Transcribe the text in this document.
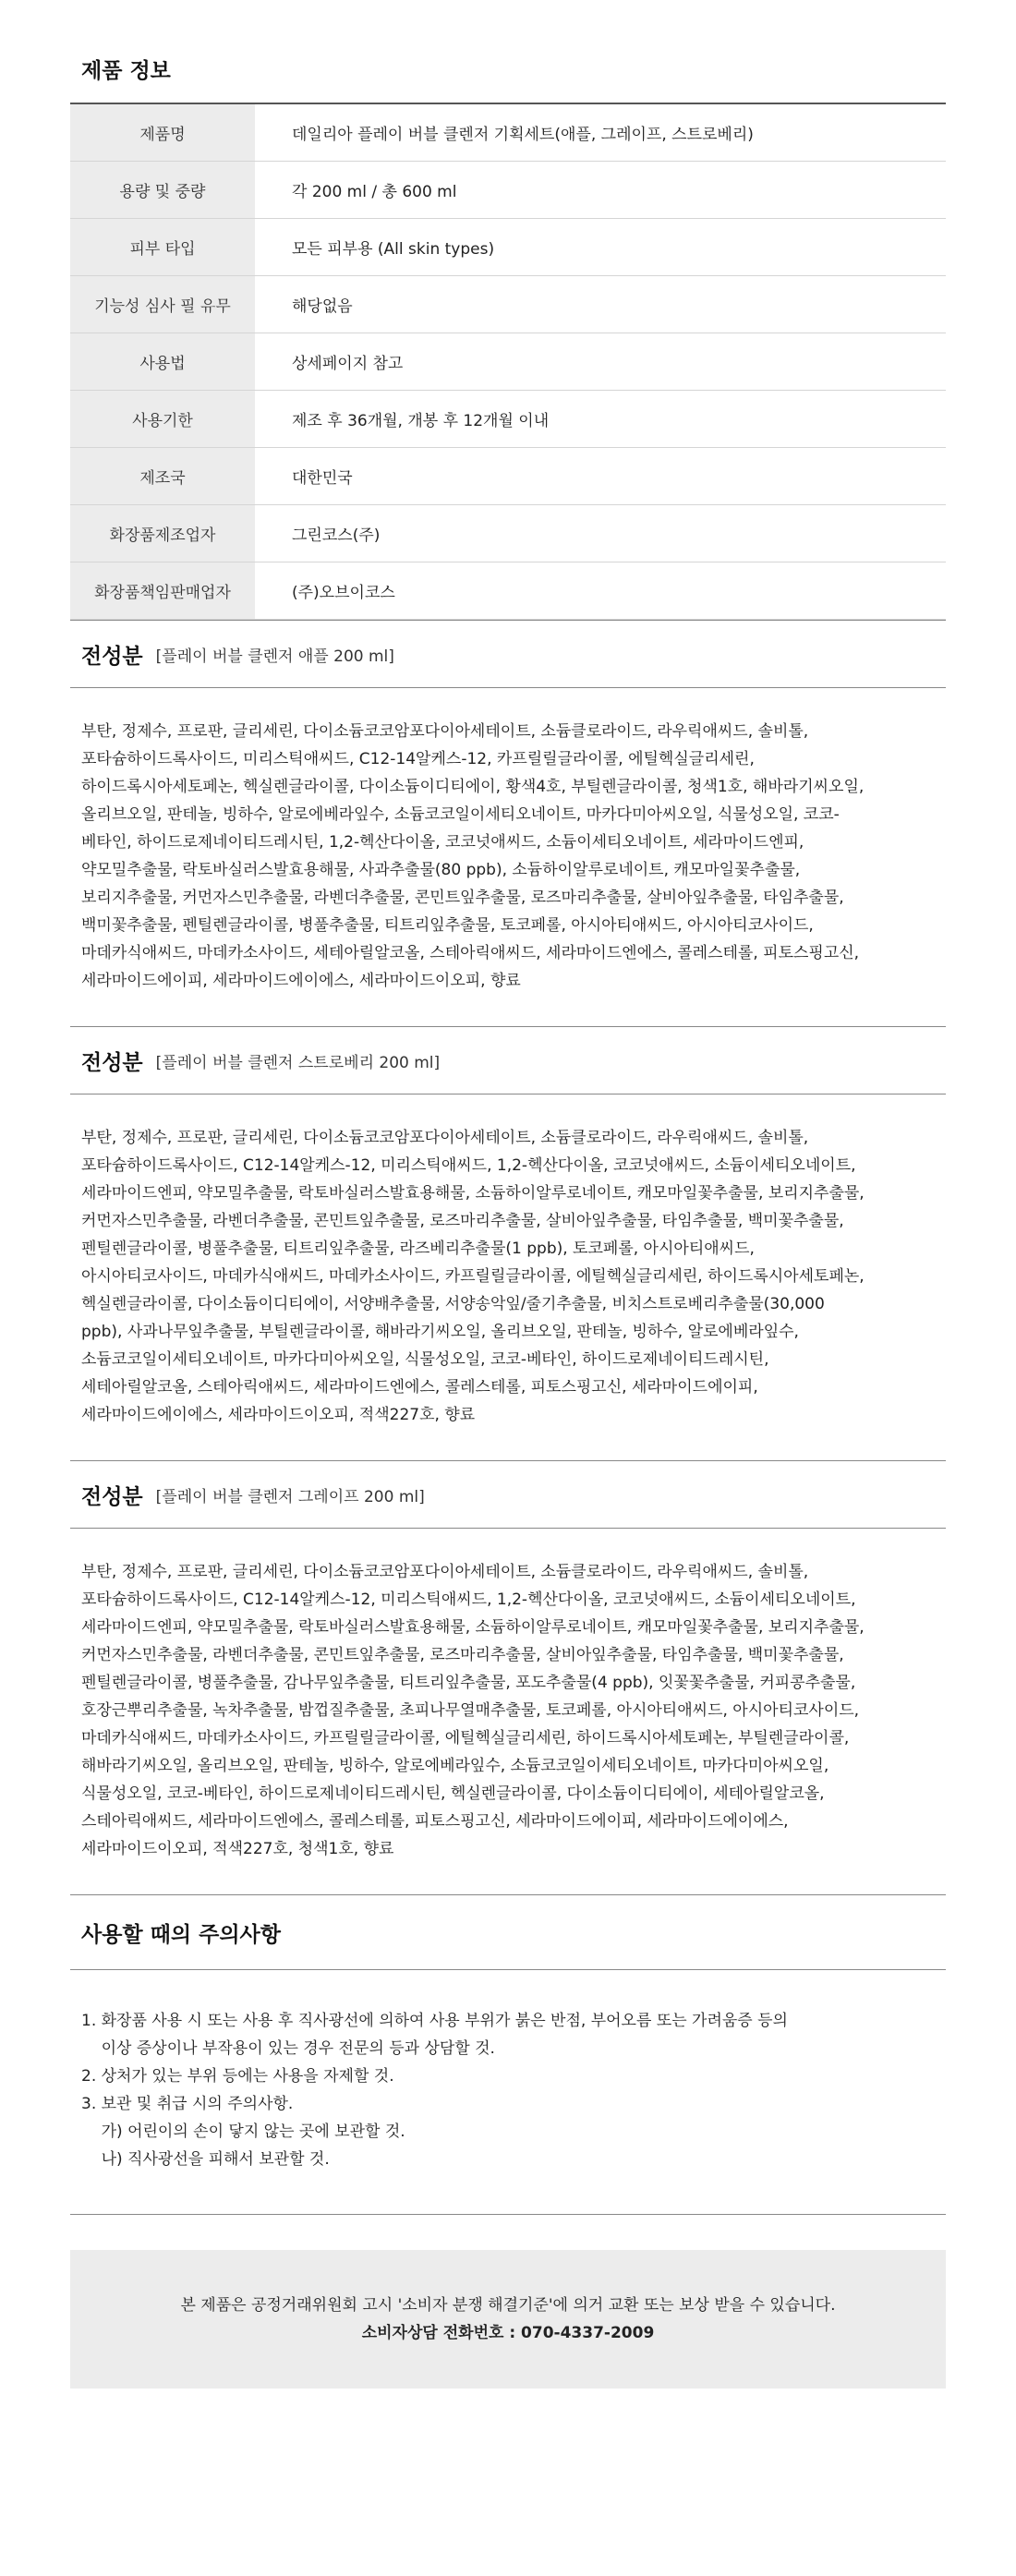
제품 정보
제품명	데일리아 플레이 버블 클렌저 기획세트(애플, 그레이프, 스트로베리)
용량 및 중량	각 200 ml / 총 600 ml
피부 타입	모든 피부용 (All skin types)
기능성 심사 필 유무	해당없음
사용법	상세페이지 참고
사용기한	제조 후 36개월, 개봉 후 12개월 이내
제조국	대한민국
화장품제조업자	그린코스(주)
화장품책임판매업자	(주)오브이코스
전성분 [플레이 버블 클렌저 애플 200 ml]
부탄, 정제수, 프로판, 글리세린, 다이소듐코코암포다이아세테이트, 소듐클로라이드, 라우릭애씨드, 솔비톨, 포타슘하이드록사이드, 미리스틱애씨드, C12-14알케스-12, 카프릴릴글라이콜, 에틸헥실글리세린, 하이드록시아세토페논, 헥실렌글라이콜, 다이소듐이디티에이, 황색4호, 부틸렌글라이콜, 청색1호, 해바라기씨오일, 올리브오일, 판테놀, 빙하수, 알로에베라잎수, 소듐코코일이세티오네이트, 마카다미아씨오일, 식물성오일, 코코-베타인, 하이드로제네이티드레시틴, 1,2-헥산다이올, 코코넛애씨드, 소듐이세티오네이트, 세라마이드엔피, 약모밀추출물, 락토바실러스발효용해물, 사과추출물(80 ppb), 소듐하이알루로네이트, 캐모마일꽃추출물, 보리지추출물, 커먼자스민추출물, 라벤더추출물, 콘민트잎추출물, 로즈마리추출물, 살비아잎추출물, 타임추출물, 백미꽃추출물, 펜틸렌글라이콜, 병풀추출물, 티트리잎추출물, 토코페롤, 아시아티애씨드, 아시아티코사이드, 마데카식애씨드, 마데카소사이드, 세테아릴알코올, 스테아릭애씨드, 세라마이드엔에스, 콜레스테롤, 피토스핑고신, 세라마이드에이피, 세라마이드에이에스, 세라마이드이오피, 향료
전성분 [플레이 버블 클렌저 스트로베리 200 ml]
부탄, 정제수, 프로판, 글리세린, 다이소듐코코암포다이아세테이트, 소듐클로라이드, 라우릭애씨드, 솔비톨, 포타슘하이드록사이드, C12-14알케스-12, 미리스틱애씨드, 1,2-헥산다이올, 코코넛애씨드, 소듐이세티오네이트, 세라마이드엔피, 약모밀추출물, 락토바실러스발효용해물, 소듐하이알루로네이트, 캐모마일꽃추출물, 보리지추출물, 커먼자스민추출물, 라벤더추출물, 콘민트잎추출물, 로즈마리추출물, 살비아잎추출물, 타임추출물, 백미꽃추출물, 펜틸렌글라이콜, 병풀추출물, 티트리잎추출물, 라즈베리추출물(1 ppb), 토코페롤, 아시아티애씨드, 아시아티코사이드, 마데카식애씨드, 마데카소사이드, 카프릴릴글라이콜, 에틸헥실글리세린, 하이드록시아세토페논, 헥실렌글라이콜, 다이소듐이디티에이, 서양배추출물, 서양송악잎/줄기추출물, 비치스트로베리추출물(30,000 ppb), 사과나무잎추출물, 부틸렌글라이콜, 해바라기씨오일, 올리브오일, 판테놀, 빙하수, 알로에베라잎수, 소듐코코일이세티오네이트, 마카다미아씨오일, 식물성오일, 코코-베타인, 하이드로제네이티드레시틴, 세테아릴알코올, 스테아릭애씨드, 세라마이드엔에스, 콜레스테롤, 피토스핑고신, 세라마이드에이피, 세라마이드에이에스, 세라마이드이오피, 적색227호, 향료
전성분 [플레이 버블 클렌저 그레이프 200 ml]
부탄, 정제수, 프로판, 글리세린, 다이소듐코코암포다이아세테이트, 소듐클로라이드, 라우릭애씨드, 솔비톨, 포타슘하이드록사이드, C12-14알케스-12, 미리스틱애씨드, 1,2-헥산다이올, 코코넛애씨드, 소듐이세티오네이트, 세라마이드엔피, 약모밀추출물, 락토바실러스발효용해물, 소듐하이알루로네이트, 캐모마일꽃추출물, 보리지추출물, 커먼자스민추출물, 라벤더추출물, 콘민트잎추출물, 로즈마리추출물, 살비아잎추출물, 타임추출물, 백미꽃추출물, 펜틸렌글라이콜, 병풀추출물, 감나무잎추출물, 티트리잎추출물, 포도추출물(4 ppb), 잇꽃꽃추출물, 커피콩추출물, 호장근뿌리추출물, 녹차추출물, 밤껍질추출물, 초피나무열매추출물, 토코페롤, 아시아티애씨드, 아시아티코사이드, 마데카식애씨드, 마데카소사이드, 카프릴릴글라이콜, 에틸헥실글리세린, 하이드록시아세토페논, 부틸렌글라이콜, 해바라기씨오일, 올리브오일, 판테놀, 빙하수, 알로에베라잎수, 소듐코코일이세티오네이트, 마카다미아씨오일, 식물성오일, 코코-베타인, 하이드로제네이티드레시틴, 헥실렌글라이콜, 다이소듐이디티에이, 세테아릴알코올, 스테아릭애씨드, 세라마이드엔에스, 콜레스테롤, 피토스핑고신, 세라마이드에이피, 세라마이드에이에스, 세라마이드이오피, 적색227호, 청색1호, 향료
사용할 때의 주의사항
1. 화장품 사용 시 또는 사용 후 직사광선에 의하여 사용 부위가 붉은 반점, 부어오름 또는 가려움증 등의
이상 증상이나 부작용이 있는 경우 전문의 등과 상담할 것.
2. 상처가 있는 부위 등에는 사용을 자제할 것.
3. 보관 및 취급 시의 주의사항.
가) 어린이의 손이 닿지 않는 곳에 보관할 것.
나) 직사광선을 피해서 보관할 것.
본 제품은 공정거래위원회 고시 '소비자 분쟁 해결기준'에 의거 교환 또는 보상 받을 수 있습니다.
소비자상담 전화번호 : 070-4337-2009
